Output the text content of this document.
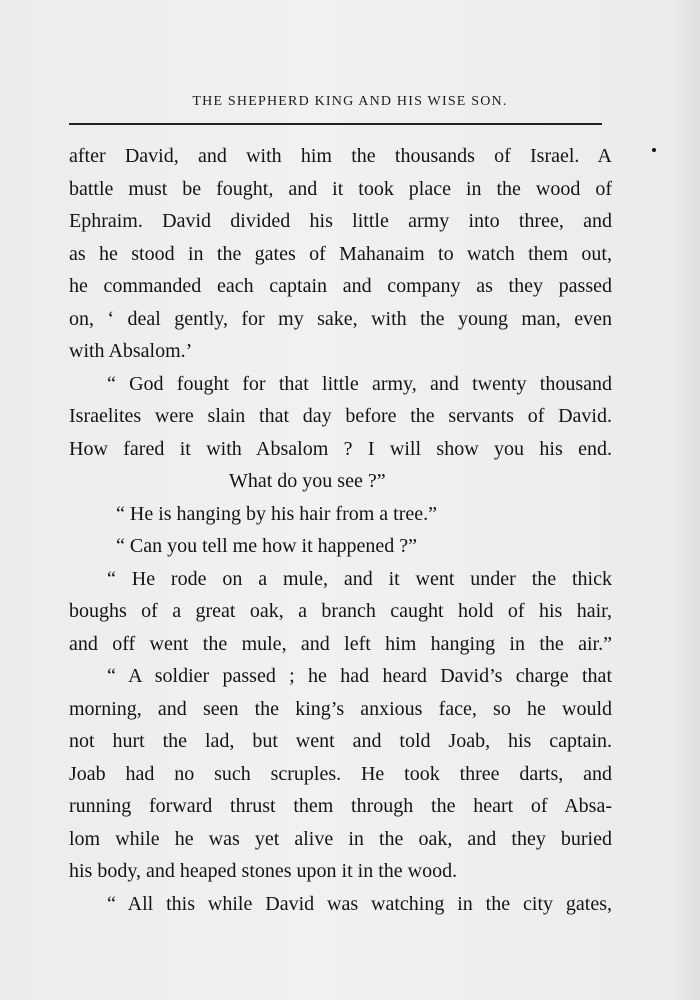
THE SHEPHERD KING AND HIS WISE SON.
after David, and with him the thousands of Israel. A
battle must be fought, and it took place in the wood of
Ephraim. David divided his little army into three, and
as he stood in the gates of Mahanaim to watch them out,
he commanded each captain and company as they passed
on, ‘ deal gently, for my sake, with the young man, even
with Absalom.’
“ God fought for that little army, and twenty thousand
Israelites were slain that day before the servants of David.
How fared it with Absalom ? I will show you his end.
What do you see ?”
“ He is hanging by his hair from a tree.”
“ Can you tell me how it happened ?”
“ He rode on a mule, and it went under the thick
boughs of a great oak, a branch caught hold of his hair,
and off went the mule, and left him hanging in the air.”
“ A soldier passed ; he had heard David’s charge that
morning, and seen the king’s anxious face, so he would
not hurt the lad, but went and told Joab, his captain.
Joab had no such scruples. He took three darts, and
running forward thrust them through the heart of Absa-
lom while he was yet alive in the oak, and they buried
his body, and heaped stones upon it in the wood.
“ All this while David was watching in the city gates,
